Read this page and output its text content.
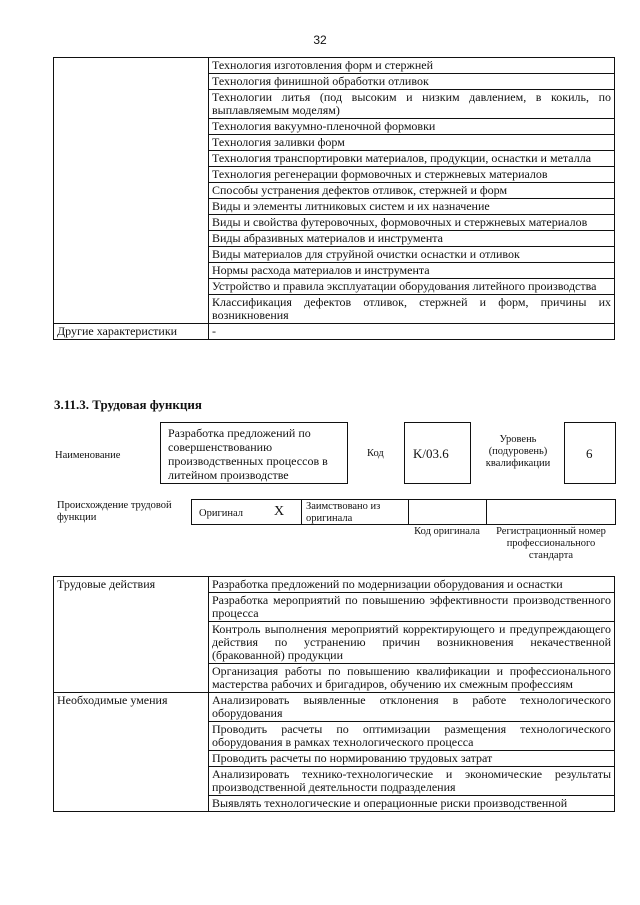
32
	Технология изготовления форм и стержней
	Технология финишной обработки отливок
	Технологии литья (под высоким и низким давлением, в кокиль, по выплавляемым моделям)
	Технология вакуумно-пленочной формовки
	Технология заливки форм
	Технология транспортировки материалов, продукции, оснастки и металла
	Технология регенерации формовочных и стержневых материалов
	Способы устранения дефектов отливок, стержней и форм
	Виды и элементы литниковых систем и их назначение
	Виды и свойства футеровочных, формовочных и стержневых материалов
	Виды абразивных материалов и инструмента
	Виды материалов для струйной очистки оснастки и отливок
	Нормы расхода материалов и инструмента
	Устройство и правила эксплуатации оборудования литейного производства
	Классификация дефектов отливок, стержней и форм, причины их возникновения
Другие характеристики	-
3.11.3. Трудовая функция
Наименование
Разработка предложений по совершенствованию производственных процессов в литейном производстве
Код K/03.6
Уровень (подуровень) квалификации
6
Происхождение трудовой функции	Оригинал X Заимствовано из оригинала
Код оригинала	Регистрационный номер профессионального стандарта
Трудовые действия	Разработка предложений по модернизации оборудования и оснастки
	Разработка мероприятий по повышению эффективности производственного процесса
	Контроль выполнения мероприятий корректирующего и предупреждающего действия по устранению причин возникновения некачественной (бракованной) продукции
	Организация работы по повышению квалификации и профессионального мастерства рабочих и бригадиров, обучению их смежным профессиям
Необходимые умения	Анализировать выявленные отклонения в работе технологического оборудования
	Проводить расчеты по оптимизации размещения технологического оборудования в рамках технологического процесса
	Проводить расчеты по нормированию трудовых затрат
	Анализировать технико-технологические и экономические результаты производственной деятельности подразделения
	Выявлять технологические и операционные риски производственной
